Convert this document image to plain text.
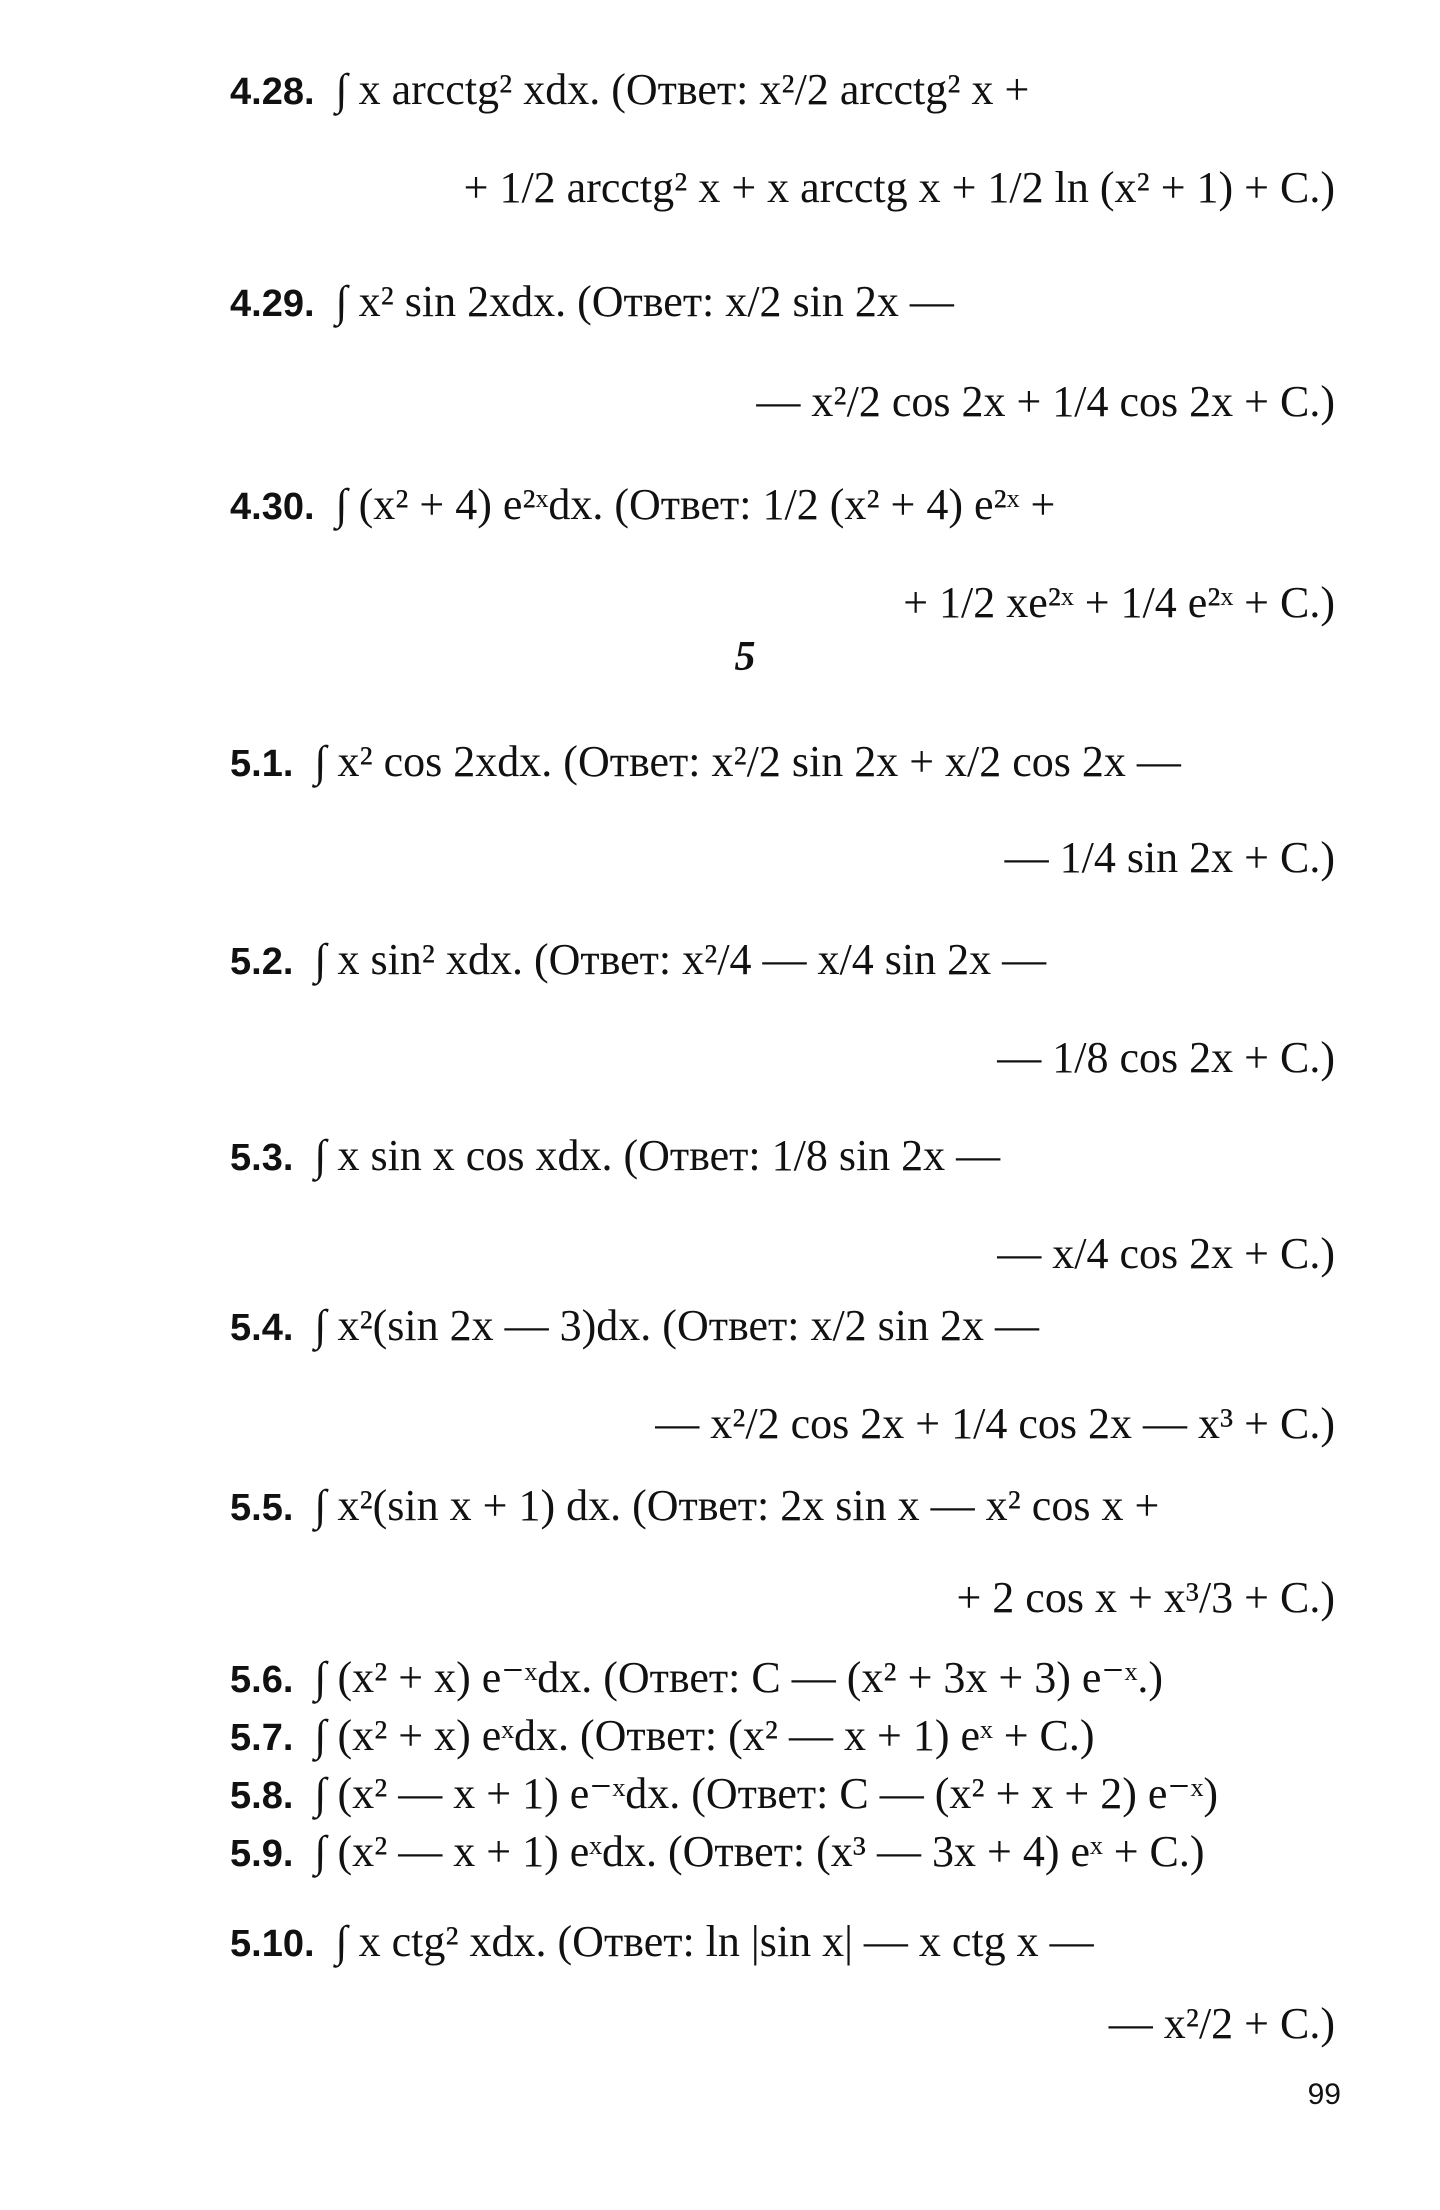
4.28. ∫ x arcctg² xdx. (Ответ: x²/2 arcctg² x +
+ 1/2 arcctg² x + x arcctg x + 1/2 ln (x² + 1) + C.)
4.29. ∫ x² sin 2xdx. (Ответ: x/2 sin 2x —
— x²/2 cos 2x + 1/4 cos 2x + C.)
4.30. ∫ (x² + 4) e²ˣdx. (Ответ: 1/2 (x² + 4) e²ˣ +
+ 1/2 xe²ˣ + 1/4 e²ˣ + C.)
5
5.1. ∫ x² cos 2xdx. (Ответ: x²/2 sin 2x + x/2 cos 2x —
— 1/4 sin 2x + C.)
5.2. ∫ x sin² xdx. (Ответ: x²/4 — x/4 sin 2x —
— 1/8 cos 2x + C.)
5.3. ∫ x sin x cos xdx. (Ответ: 1/8 sin 2x —
— x/4 cos 2x + C.)
5.4. ∫ x²(sin 2x — 3)dx. (Ответ: x/2 sin 2x —
— x²/2 cos 2x + 1/4 cos 2x — x³ + C.)
5.5. ∫ x²(sin x + 1) dx. (Ответ: 2x sin x — x² cos x +
+ 2 cos x + x³/3 + C.)
5.6. ∫ (x² + x) e⁻ˣdx. (Ответ: C — (x² + 3x + 3) e⁻ˣ.)
5.7. ∫ (x² + x) eˣdx. (Ответ: (x² — x + 1) eˣ + C.)
5.8. ∫ (x² — x + 1) e⁻ˣdx. (Ответ: C — (x² + x + 2) e⁻ˣ)
5.9. ∫ (x² — x + 1) eˣdx. (Ответ: (x³ — 3x + 4) eˣ + C.)
5.10. ∫ x ctg² xdx. (Ответ: ln |sin x| — x ctg x —
— x²/2 + C.)
99
